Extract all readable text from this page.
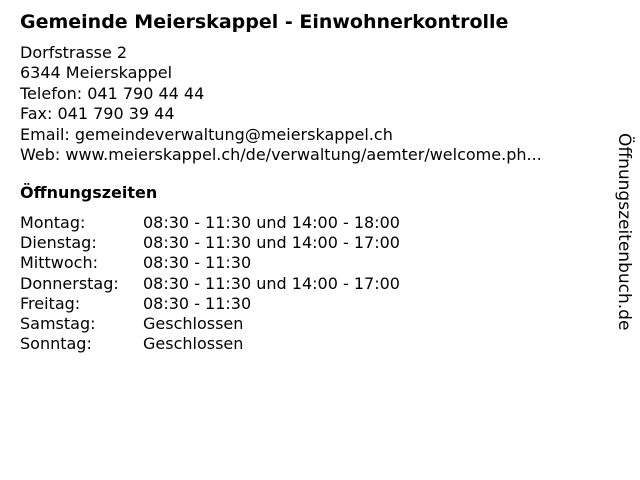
Gemeinde Meierskappel - Einwohnerkontrolle
Dorfstrasse 2
6344 Meierskappel
Telefon: 041 790 44 44
Fax: 041 790 39 44
Email: gemeindeverwaltung@meierskappel.ch
Web: www.meierskappel.ch/de/verwaltung/aemter/welcome.ph...
Öffnungszeiten
Montag:	08:30 - 11:30 und 14:00 - 18:00
Dienstag:	08:30 - 11:30 und 14:00 - 17:00
Mittwoch:	08:30 - 11:30
Donnerstag: 08:30 - 11:30 und 14:00 - 17:00
Freitag:	08:30 - 11:30
Samstag:	Geschlossen
Sonntag:	Geschlossen
Öffnungszeitenbuch.de
